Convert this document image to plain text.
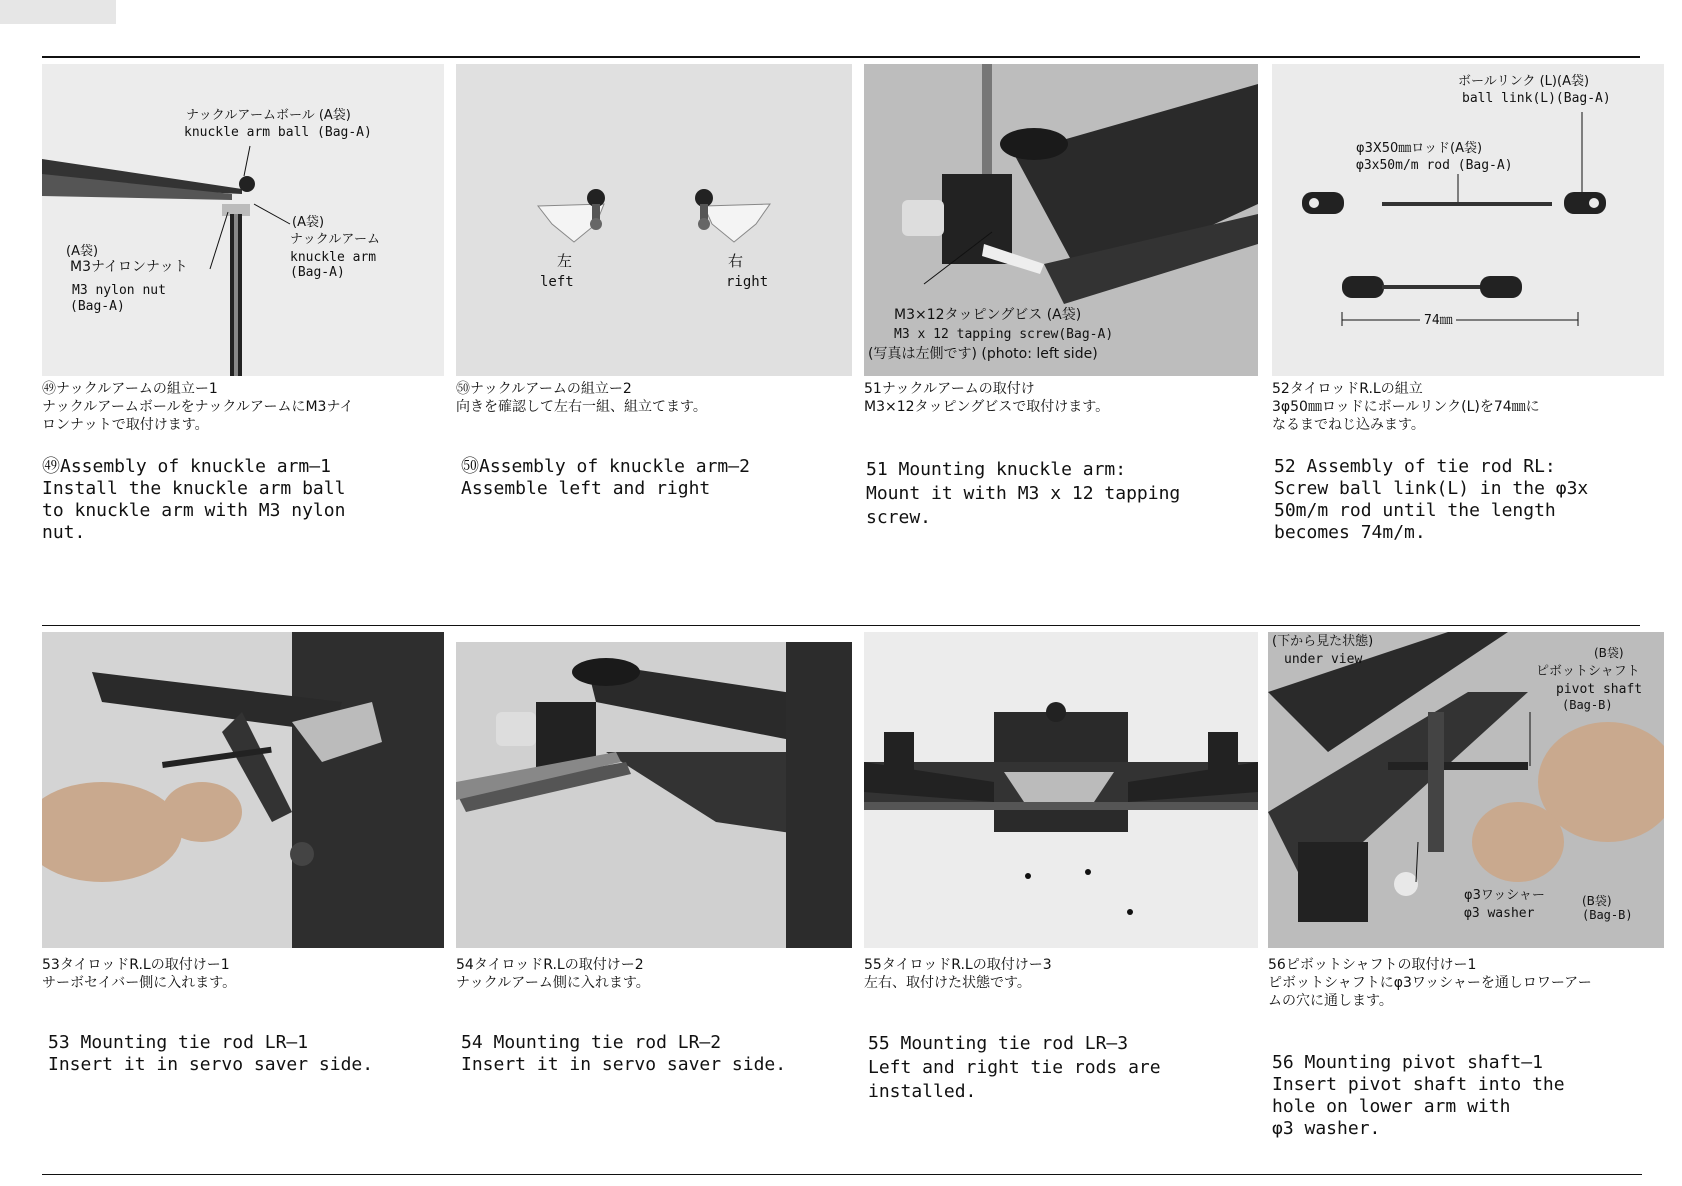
ナックルアームボール (A袋)
knuckle arm ball (Bag-A)
(A袋)
ナックルアーム
knuckle arm
(Bag-A)
(A袋)
M3ナイロンナット
M3 nylon nut
(Bag-A)
㊾ナックルアームの組立ー1
ナックルアームボールをナックルアームにM3ナイ
ロンナットで取付けます。
㊾Assembly of knuckle arm—1
Install the knuckle arm ball
to knuckle arm with M3 nylon
nut.
左
left
右
right
㊿ナックルアームの組立ー2
向きを確認して左右一組、組立てます。
㊿Assembly of knuckle arm—2
Assemble left and right
M3×12タッピングビス (A袋)
M3 x 12 tapping screw(Bag-A)
(写真は左側です) (photo: left side)
51ナックルアームの取付け
M3×12タッピングビスで取付けます。
51 Mounting knuckle arm:
Mount it with M3 x 12 tapping
screw.
ボールリンク (L)(A袋)
ball link(L)(Bag-A)
φ3X50㎜ロッド(A袋)
φ3x50m/m rod (Bag-A)
74㎜
52タイロッドR.Lの組立
3φ50㎜ロッドにボールリンク(L)を74㎜に
なるまでねじ込みます。
52 Assembly of tie rod RL:
Screw ball link(L) in the φ3x
50m/m rod until the length
becomes 74m/m.
53タイロッドR.Lの取付けー1
サーボセイバー側に入れます。
53 Mounting tie rod LR—1
Insert it in servo saver side.
54タイロッドR.Lの取付けー2
ナックルアーム側に入れます。
54 Mounting tie rod LR—2
Insert it in servo saver side.
55タイロッドR.Lの取付けー3
左右、取付けた状態です。
55 Mounting tie rod LR—3
Left and right tie rods are
installed.
(下から見た状態)
under view	(B袋)
ピボットシャフト
pivot shaft
(Bag-B)
φ3ワッシャー
φ3 washer
(B袋)
(Bag-B)
56ピボットシャフトの取付けー1
ピボットシャフトにφ3ワッシャーを通しロワーアー
ムの穴に通します。
56 Mounting pivot shaft—1
Insert pivot shaft into the
hole on lower arm with
φ3 washer.
